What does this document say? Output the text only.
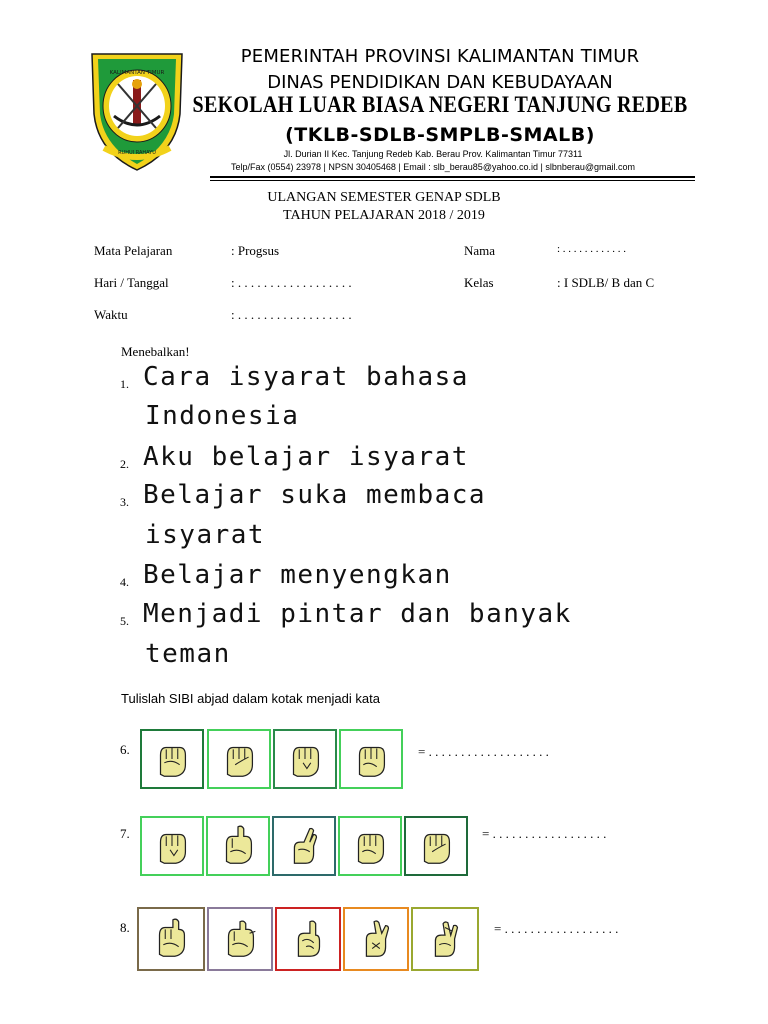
KALIMANTAN TIMUR
RUHUI RAHAYU
PEMERINTAH PROVINSI KALIMANTAN TIMUR
DINAS PENDIDIKAN DAN KEBUDAYAAN
SEKOLAH LUAR BIASA NEGERI TANJUNG REDEB
(TKLB-SDLB-SMPLB-SMALB)
Jl. Durian II Kec. Tanjung Redeb Kab. Berau Prov. Kalimantan Timur 77311
Telp/Fax (0554) 23978 | NPSN 30405468 | Email : slb_berau85@yahoo.co.id | slbnberau@gmail.com
ULANGAN SEMESTER GENAP SDLB
TAHUN PELAJARAN 2018 / 2019
Mata Pelajaran	: Progsus	Nama	: . . . . . . . . . . . .
Hari / Tanggal	: . . . . . . . . . . . . . . . . . .	Kelas	: I SDLB/ B dan C
Waktu	: . . . . . . . . . . . . . . . . . .
Menebalkan!
1. Cara isyarat bahasa
Indonesia
2. Aku belajar isyarat
3. Belajar suka membaca
isyarat
4. Belajar menyengkan
5. Menjadi pintar dan banyak
teman
Tulislah SIBI abjad dalam kotak menjadi kata
6.	= . . . . . . . . . . . . . . . . . . .
7.	= . . . . . . . . . . . . . . . . . .
8.	= . . . . . . . . . . . . . . . . . .
